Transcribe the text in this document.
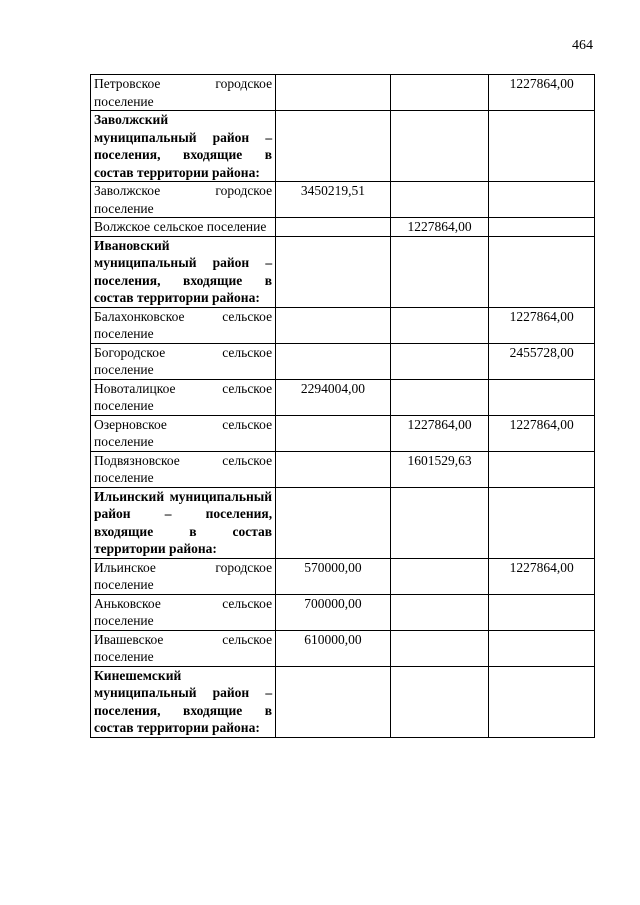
464
Петровское городское поселение			1227864,00
Заволжский муниципальный район – поселения, входящие в состав территории района:			
Заволжское городское поселение	3450219,51		
Волжское сельское поселение		1227864,00	
Ивановский муниципальный район – поселения, входящие в состав территории района:			
Балахонковское сельское поселение			1227864,00
Богородское сельское поселение			2455728,00
Новоталицкое сельское поселение	2294004,00		
Озерновское сельское поселение		1227864,00	1227864,00
Подвязновское сельское поселение		1601529,63	
Ильинский муниципальный район – поселения, входящие в состав территории района:			
Ильинское городское поселение	570000,00		1227864,00
Аньковское сельское поселение	700000,00		
Ивашевское сельское поселение	610000,00		
Кинешемский муниципальный район – поселения, входящие в состав территории района:			
